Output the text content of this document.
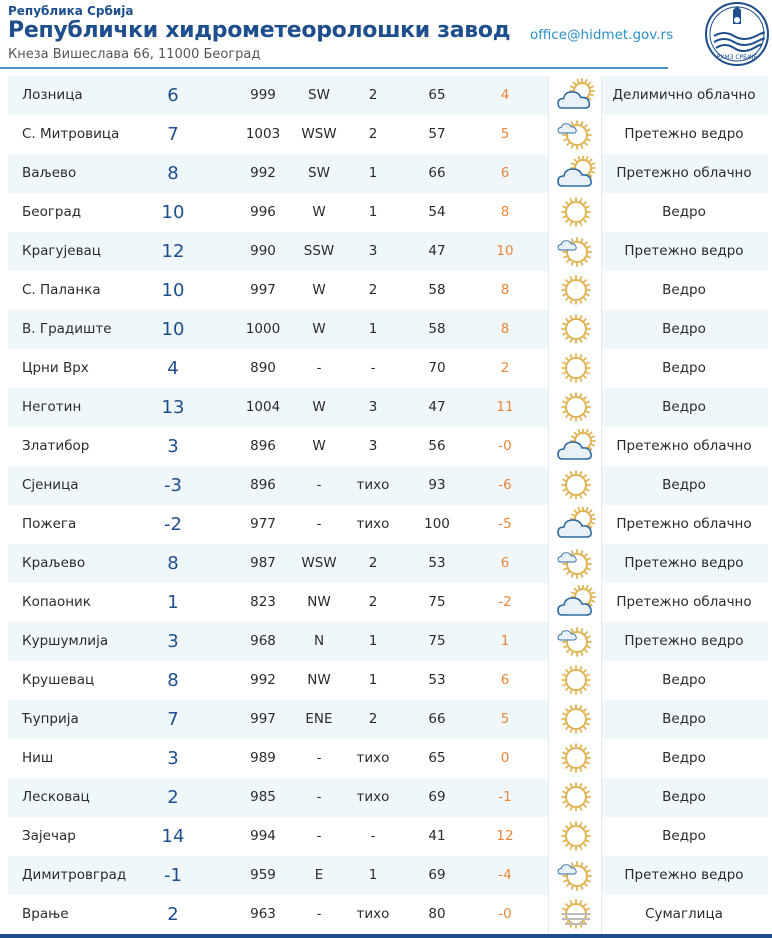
Република Србија
Републички хидрометеоролошки завод
Кнеза Вишеслава 66, 11000 Београд
office@hidmet.gov.rs
РХМЗ СРБИЈЕ
Лозница	6	999	SW	2	65	4	Делимично облачно
С. Митровица	7	1003	WSW	2	57	5	Претежно ведро
Ваљево	8	992	SW	1	66	6	Претежно облачно
Београд	10	996	W	1	54	8	Ведро
Крагујевац	12	990	SSW	3	47	10	Претежно ведро
С. Паланка	10	997	W	2	58	8	Ведро
В. Градиште	10	1000	W	1	58	8	Ведро
Црни Врх	4	890	-	-	70	2	Ведро
Неготин	13	1004	W	3	47	11	Ведро
Златибор	3	896	W	3	56	-0	Претежно облачно
Сјеница	-3	896	-	тихо	93	-6	Ведро
Пожега	-2	977	-	тихо	100	-5	Претежно облачно
Краљево	8	987	WSW	2	53	6	Претежно ведро
Копаоник	1	823	NW	2	75	-2	Претежно облачно
Куршумлија	3	968	N	1	75	1	Претежно ведро
Крушевац	8	992	NW	1	53	6	Ведро
Ћуприја	7	997	ENE	2	66	5	Ведро
Ниш	3	989	-	тихо	65	0	Ведро
Лесковац	2	985	-	тихо	69	-1	Ведро
Зајечар	14	994	-	-	41	12	Ведро
Димитровград	-1	959	E	1	69	-4	Претежно ведро
Врање	2	963	-	тихо	80	-0	Сумаглица
